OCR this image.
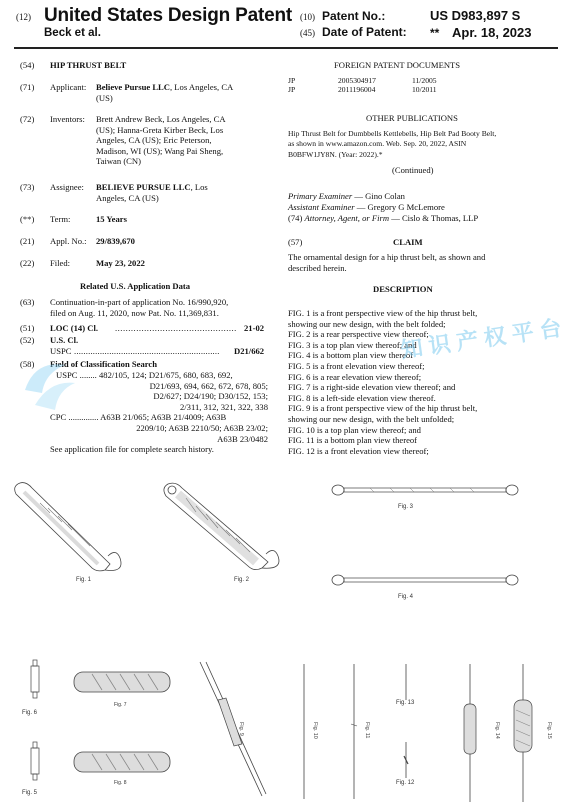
(12) United States Design Patent
Beck et al.
(10) Patent No.:	US D983,897 S
(45) Date of Patent: ** Apr. 18, 2023
(54) HIP THRUST BELT
(71) Applicant: Believe Pursue LLC, Los Angeles, CA
(US)
(72) Inventors: Brett Andrew Beck, Los Angeles, CA
(US); Hanna-Greta Kirber Beck, Los
Angeles, CA (US); Eric Peterson,
Madison, WI (US); Wang Pai Sheng,
Taiwan (CN)
(73) Assignee: BELIEVE PURSUE LLC, Los
Angeles, CA (US)
(**) Term:	15 Years
(21) Appl. No.: 29/839,670
(22) Filed:	May 23, 2022
Related U.S. Application Data
(63) Continuation-in-part of application No. 16/990,920,
filed on Aug. 11, 2020, now Pat. No. 11,369,831.
(51) LOC (14) Cl. .............................................. 21-02
(52) U.S. Cl.
USPC .............................................................. D21/662
(58) Field of Classification Search
USPC ........ 482/105, 124; D21/675, 680, 683, 692,
D21/693, 694, 662, 672, 678, 805;
D2/627; D24/190; D30/152, 153;
2/311, 312, 321, 322, 338
CPC .............. A63B 21/065; A63B 21/4009; A63B
2209/10; A63B 2210/50; A63B 23/02;
A63B 23/0482
See application file for complete search history.
FOREIGN PATENT DOCUMENTS
JP	2005304917	11/2005
JP	2011196004	10/2011
OTHER PUBLICATIONS
Hip Thrust Belt for Dumbbells Kettlebells, Hip Belt Pad Booty Belt,
as shown in www.amazon.com. Web. Sep. 20, 2022, ASIN
B0BFW1JY8N. (Year: 2022).*
(Continued)
Primary Examiner — Gino Colan
Assistant Examiner — Gregory G McLemore
(74) Attorney, Agent, or Firm — Cislo & Thomas, LLP
(57)	CLAIM
The ornamental design for a hip thrust belt, as shown and
described herein.
DESCRIPTION
FIG. 1 is a front perspective view of the hip thrust belt,
showing our new design, with the belt folded;
FIG. 2 is a rear perspective view thereof;
FIG. 3 is a top plan view thereof; and
FIG. 4 is a bottom plan view thereof
FIG. 5 is a front elevation view thereof;
FIG. 6 is a rear elevation view thereof;
FIG. 7 is a right-side elevation view thereof; and
FIG. 8 is a left-side elevation view thereof.
FIG. 9 is a front perspective view of the hip thrust belt,
showing our new design, with the belt unfolded;
FIG. 10 is a top plan view thereof; and
FIG. 11 is a bottom plan view thereof
FIG. 12 is a front elevation view thereof;
知识产权平台
Fig. 1	Fig. 2
Fig. 3
Fig. 4
Fig. 6
Fig. 7
Fig. 5
Fig. 8
Fig. 9	Fig. 10	Fig. 11
Fig. 13
Fig. 12
Fig. 14	Fig. 15
